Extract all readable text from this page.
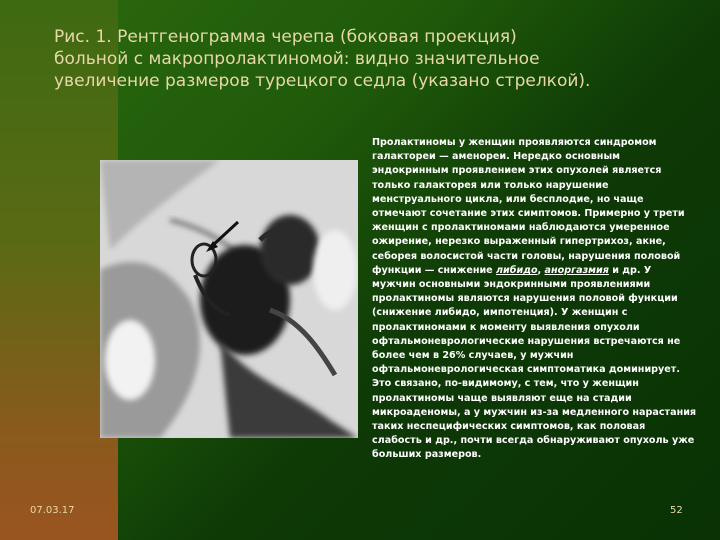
Рис. 1. Рентгенограмма черепа (боковая проекция)
больной с макропролактиномой: видно значительное
увеличение размеров турецкого седла (указано стрелкой).
Пролактиномы у женщин проявляются синдромом галактореи — аменореи. Нередко основным эндокринным проявлением этих опухолей является только галакторея или только нарушение менструального цикла, или бесплодие, но чаще отмечают сочетание этих симптомов. Примерно у трети женщин с пролактиномами наблюдаются умеренное ожирение, нерезко выраженный гипертрихоз, акне, себорея волосистой части головы, нарушения половой функции — снижение либидо, аноргазмия и др. У мужчин основными эндокринными проявлениями пролактиномы являются нарушения половой функции (снижение либидо, импотенция). У женщин с пролактиномами к моменту выявления опухоли офтальмоневрологические нарушения встречаются не более чем в 26% случаев, у мужчин офтальмоневрологическая симптоматика доминирует. Это связано, по-видимому, с тем, что у женщин пролактиномы чаще выявляют еще на стадии микроаденомы, а у мужчин из-за медленного нарастания таких неспецифических симптомов, как половая слабость и др., почти всегда обнаруживают опухоль уже больших размеров.
07.03.17	52
